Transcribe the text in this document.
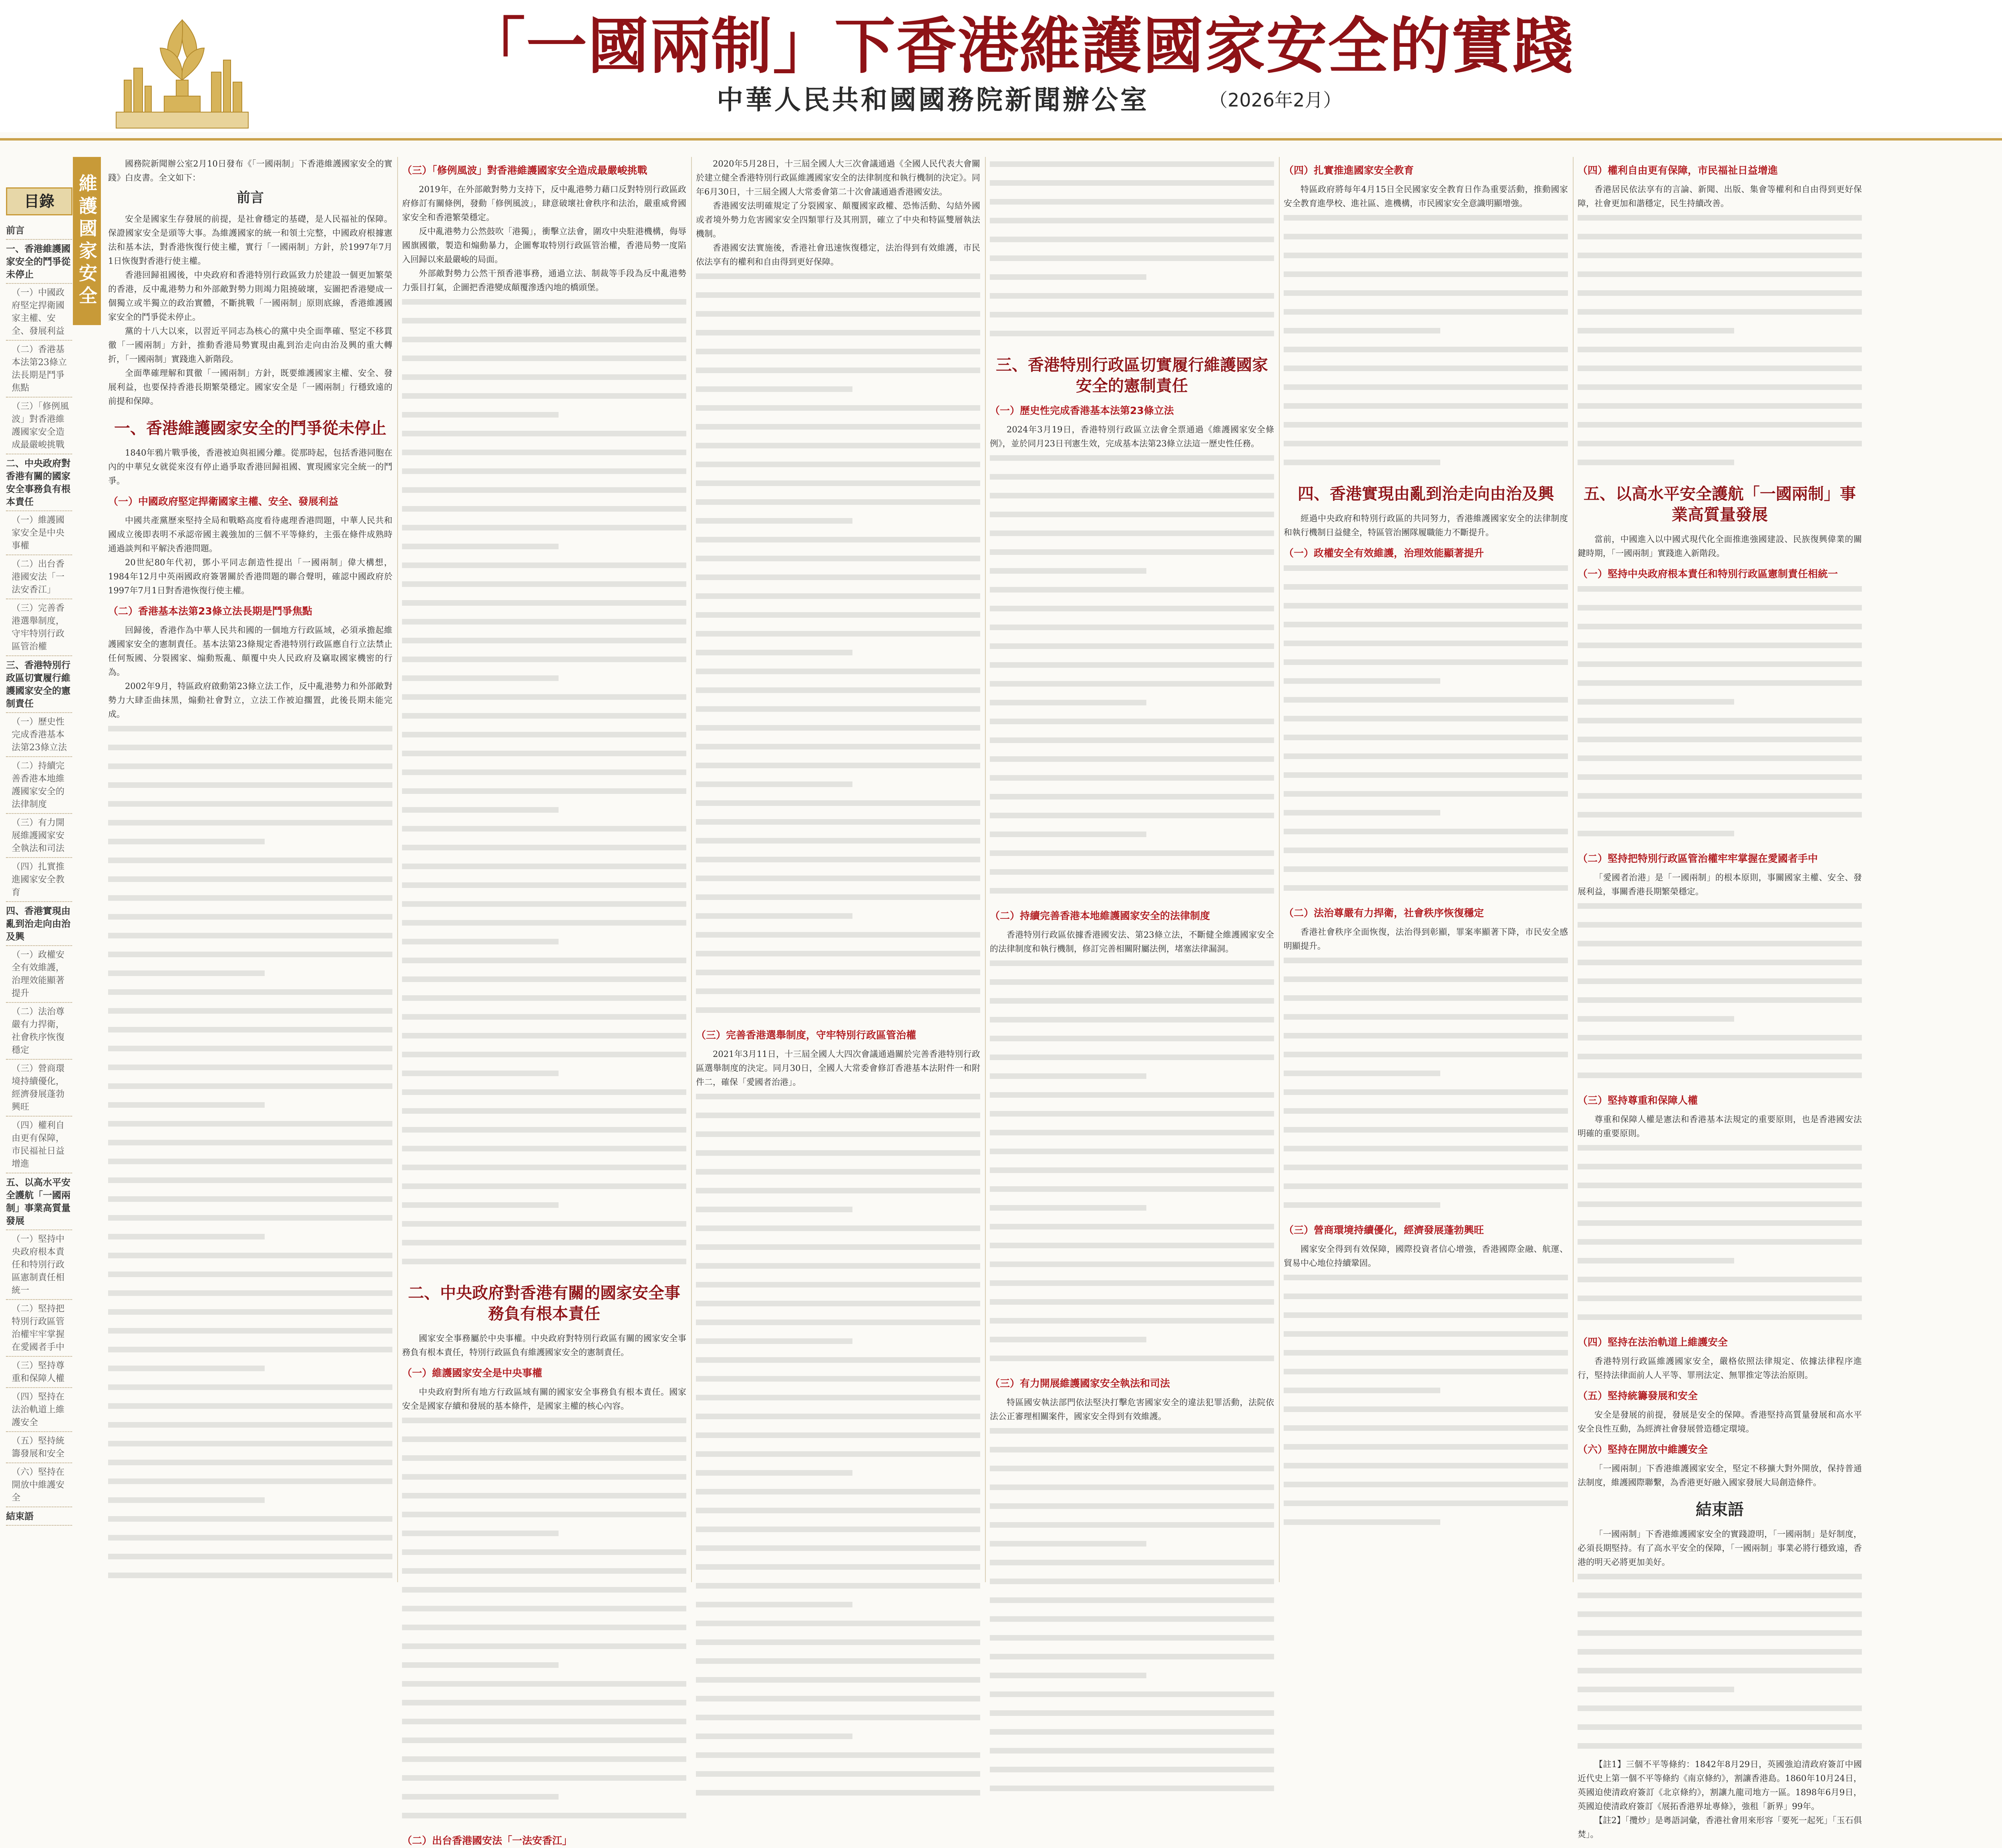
「一國兩制」下香港維護國家安全的實踐
中華人民共和國國務院新聞辦公室	（2026年2月）
維護國家安全
目錄
前言
一、香港維護國家安全的鬥爭從未停止
（一）中國政府堅定捍衛國家主權、安全、發展利益
（二）香港基本法第23條立法長期是鬥爭焦點
（三）「修例風波」對香港維護國家安全造成最嚴峻挑戰
二、中央政府對香港有關的國家安全事務負有根本責任
（一）維護國家安全是中央事權
（二）出台香港國安法「一法安香江」
（三）完善香港選舉制度，守牢特別行政區管治權
三、香港特別行政區切實履行維護國家安全的憲制責任
（一）歷史性完成香港基本法第23條立法
（二）持續完善香港本地維護國家安全的法律制度
（三）有力開展維護國家安全執法和司法
（四）扎實推進國家安全教育
四、香港實現由亂到治走向由治及興
（一）政權安全有效維護，治理效能顯著提升
（二）法治尊嚴有力捍衛，社會秩序恢復穩定
（三）營商環境持續優化，經濟發展蓬勃興旺
（四）權利自由更有保障，市民福祉日益增進
五、以高水平安全護航「一國兩制」事業高質量發展
（一）堅持中央政府根本責任和特別行政區憲制責任相統一
（二）堅持把特別行政區管治權牢牢掌握在愛國者手中
（三）堅持尊重和保障人權
（四）堅持在法治軌道上維護安全
（五）堅持統籌發展和安全
（六）堅持在開放中維護安全
結束語

國務院新聞辦公室2月10日發布《「一國兩制」下香港維護國家安全的實踐》白皮書。全文如下：

前言

安全是國家生存發展的前提，是社會穩定的基礎，是人民福祉的保障。保證國家安全是頭等大事。為維護國家的統一和領土完整，中國政府根據憲法和基本法，對香港恢復行使主權，實行「一國兩制」方針，於1997年7月1日恢復對香港行使主權。

香港回歸祖國後，中央政府和香港特別行政區致力於建設一個更加繁榮的香港，反中亂港勢力和外部敵對勢力則竭力阻撓破壞，妄圖把香港變成一個獨立或半獨立的政治實體，不斷挑戰「一國兩制」原則底線，香港維護國家安全的鬥爭從未停止。

黨的十八大以來，以習近平同志為核心的黨中央全面準確、堅定不移貫徹「一國兩制」方針，推動香港局勢實現由亂到治走向由治及興的重大轉折，「一國兩制」實踐進入新階段。

全面準確理解和貫徹「一國兩制」方針，既要維護國家主權、安全、發展利益，也要保持香港長期繁榮穩定。國家安全是「一國兩制」行穩致遠的前提和保障。

一、香港維護國家安全的鬥爭從未停止

1840年鴉片戰爭後，香港被迫與祖國分離。從那時起，包括香港同胞在內的中華兒女就從來沒有停止過爭取香港回歸祖國、實現國家完全統一的鬥爭。

（一）中國政府堅定捍衛國家主權、安全、發展利益

中國共產黨歷來堅持全局和戰略高度看待處理香港問題，中華人民共和國成立後即表明不承認帝國主義強加的三個不平等條約，主張在條件成熟時通過談判和平解決香港問題。

20世紀80年代初，鄧小平同志創造性提出「一國兩制」偉大構想，1984年12月中英兩國政府簽署關於香港問題的聯合聲明，確認中國政府於1997年7月1日對香港恢復行使主權。

（二）香港基本法第23條立法長期是鬥爭焦點

回歸後，香港作為中華人民共和國的一個地方行政區域，必須承擔起維護國家安全的憲制責任。基本法第23條規定香港特別行政區應自行立法禁止任何叛國、分裂國家、煽動叛亂、顛覆中央人民政府及竊取國家機密的行為。

2002年9月，特區政府啟動第23條立法工作，反中亂港勢力和外部敵對勢力大肆歪曲抹黑，煽動社會對立，立法工作被迫擱置，此後長期未能完成。

（三）「修例風波」對香港維護國家安全造成最嚴峻挑戰

2019年，在外部敵對勢力支持下，反中亂港勢力藉口反對特別行政區政府修訂有關條例，發動「修例風波」，肆意破壞社會秩序和法治，嚴重威脅國家安全和香港繁榮穩定。

反中亂港勢力公然鼓吹「港獨」，衝擊立法會，圍攻中央駐港機構，侮辱國旗國徽，製造和煽動暴力，企圖奪取特別行政區管治權，香港局勢一度陷入回歸以來最嚴峻的局面。

外部敵對勢力公然干預香港事務，通過立法、制裁等手段為反中亂港勢力張目打氣，企圖把香港變成顛覆滲透內地的橋頭堡。

二、中央政府對香港有關的國家安全事務負有根本責任

國家安全事務屬於中央事權。中央政府對特別行政區有關的國家安全事務負有根本責任，特別行政區負有維護國家安全的憲制責任。

（一）維護國家安全是中央事權

中央政府對所有地方行政區域有關的國家安全事務負有根本責任。國家安全是國家存續和發展的基本條件，是國家主權的核心內容。

（二）出台香港國安法「一法安香江」

2020年5月28日，十三屆全國人大三次會議通過《全國人民代表大會關於建立健全香港特別行政區維護國家安全的法律制度和執行機制的決定》。同年6月30日，十三屆全國人大常委會第二十次會議通過香港國安法。

香港國安法明確規定了分裂國家、顛覆國家政權、恐怖活動、勾結外國或者境外勢力危害國家安全四類罪行及其刑罰，確立了中央和特區雙層執法機制。

香港國安法實施後，香港社會迅速恢復穩定，法治得到有效維護，市民依法享有的權利和自由得到更好保障。

（三）完善香港選舉制度，守牢特別行政區管治權

2021年3月11日，十三屆全國人大四次會議通過關於完善香港特別行政區選舉制度的決定。同月30日，全國人大常委會修訂香港基本法附件一和附件二，確保「愛國者治港」。

三、香港特別行政區切實履行維護國家安全的憲制責任
（一）歷史性完成香港基本法第23條立法

2024年3月19日，香港特別行政區立法會全票通過《維護國家安全條例》，並於同月23日刊憲生效，完成基本法第23條立法這一歷史性任務。

（二）持續完善香港本地維護國家安全的法律制度

香港特別行政區依據香港國安法、第23條立法，不斷健全維護國家安全的法律制度和執行機制，修訂完善相關附屬法例，堵塞法律漏洞。

（三）有力開展維護國家安全執法和司法

特區國安執法部門依法堅決打擊危害國家安全的違法犯罪活動，法院依法公正審理相關案件，國家安全得到有效維護。

（四）扎實推進國家安全教育

特區政府將每年4月15日全民國家安全教育日作為重要活動，推動國家安全教育進學校、進社區、進機構，市民國家安全意識明顯增強。

四、香港實現由亂到治走向由治及興

經過中央政府和特別行政區的共同努力，香港維護國家安全的法律制度和執行機制日益健全，特區管治團隊履職能力不斷提升。

（一）政權安全有效維護，治理效能顯著提升
（二）法治尊嚴有力捍衛，社會秩序恢復穩定

香港社會秩序全面恢復，法治得到彰顯，罪案率顯著下降，市民安全感明顯提升。

（三）營商環境持續優化，經濟發展蓬勃興旺

國家安全得到有效保障，國際投資者信心增強，香港國際金融、航運、貿易中心地位持續鞏固。

（四）權利自由更有保障，市民福祉日益增進

香港居民依法享有的言論、新聞、出版、集會等權利和自由得到更好保障，社會更加和諧穩定，民生持續改善。

五、以高水平安全護航「一國兩制」事業高質量發展

當前，中國進入以中國式現代化全面推進強國建設、民族復興偉業的關鍵時期，「一國兩制」實踐進入新階段。

（一）堅持中央政府根本責任和特別行政區憲制責任相統一
（二）堅持把特別行政區管治權牢牢掌握在愛國者手中

「愛國者治港」是「一國兩制」的根本原則，事關國家主權、安全、發展利益，事關香港長期繁榮穩定。

（三）堅持尊重和保障人權

尊重和保障人權是憲法和香港基本法規定的重要原則，也是香港國安法明確的重要原則。

（四）堅持在法治軌道上維護安全

香港特別行政區維護國家安全，嚴格依照法律規定、依據法律程序進行，堅持法律面前人人平等、罪刑法定、無罪推定等法治原則。

（五）堅持統籌發展和安全

安全是發展的前提，發展是安全的保障。香港堅持高質量發展和高水平安全良性互動，為經濟社會發展營造穩定環境。

（六）堅持在開放中維護安全

「一國兩制」下香港維護國家安全，堅定不移擴大對外開放，保持普通法制度，維護國際聯繫，為香港更好融入國家發展大局創造條件。

結束語

「一國兩制」下香港維護國家安全的實踐證明，「一國兩制」是好制度，必須長期堅持。有了高水平安全的保障，「一國兩制」事業必將行穩致遠，香港的明天必將更加美好。

【註1】三個不平等條約：1842年8月29日，英國強迫清政府簽訂中國近代史上第一個不平等條約《南京條約》，割讓香港島。1860年10月24日，英國迫使清政府簽訂《北京條約》，割讓九龍司地方一區。1898年6月9日，英國迫使清政府簽訂《展拓香港界址專條》，強租「新界」99年。

【註2】「攬炒」是粵語詞彙，香港社會用來形容「要死一起死」「玉石俱焚」。
